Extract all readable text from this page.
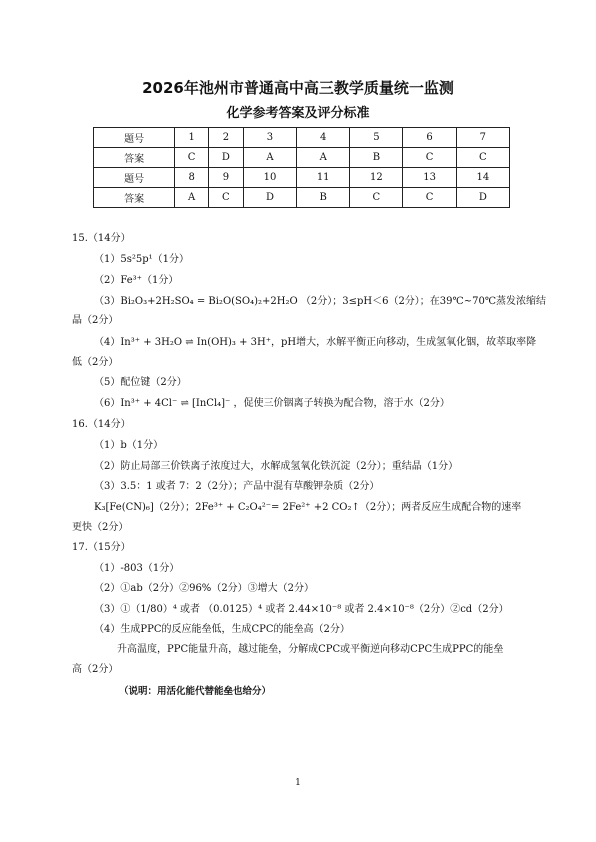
2026年池州市普通高中高三教学质量统一监测
化学参考答案及评分标准
题号	1	2	3	4	5	6	7
答案	C	D	A	A	B	C	C
题号	8	9	10	11	12	13	14
答案	A	C	D	B	C	C	D
15.（14分）
（1）5s²5p¹（1分）
（2）Fe³⁺（1分）
（3）Bi₂O₃+2H₂SO₄ = Bi₂O(SO₄)₂+2H₂O （2分）；3≤pH＜6（2分）；在39℃~70℃蒸发浓缩结
晶（2分）
（4）In³⁺ + 3H₂O ⇌ In(OH)₃ + 3H⁺，pH增大，水解平衡正向移动，生成氢氧化铟，故萃取率降
低（2分）
（5）配位键（2分）
（6）In³⁺ + 4Cl⁻ ⇌ [InCl₄]⁻ ，促使三价铟离子转换为配合物，溶于水（2分）
16.（14分）
（1）b（1分）
（2）防止局部三价铁离子浓度过大，水解成氢氧化铁沉淀（2分）；重结晶（1分）
（3）3.5：1 或者 7：2（2分）；产品中混有草酸钾杂质（2分）
K₃[Fe(CN)₆]（2分）；2Fe³⁺ + C₂O₄²⁻= 2Fe²⁺ +2 CO₂↑（2分）；两者反应生成配合物的速率
更快（2分）
17.（15分）
（1）-803（1分）
（2）①ab（2分）②96%（2分）③增大（2分）
（3）①（1/80）⁴ 或者 （0.0125）⁴ 或者 2.44×10⁻⁸ 或者 2.4×10⁻⁸（2分）②cd（2分）
（4）生成PPC的反应能垒低，生成CPC的能垒高（2分）
升高温度，PPC能量升高，越过能垒，分解成CPC或平衡逆向移动CPC生成PPC的能垒
高（2分）
（说明：用活化能代替能垒也给分）
1
